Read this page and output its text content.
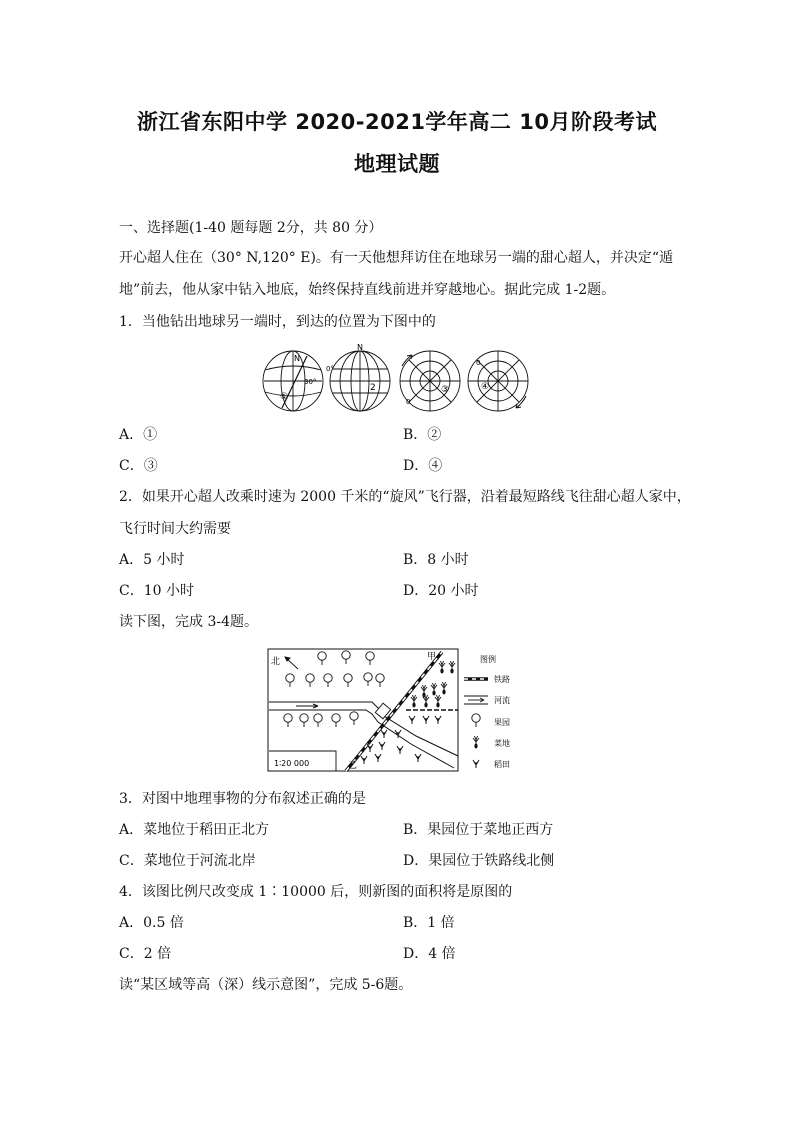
浙江省东阳中学 2020-2021学年高二 10月阶段考试
地理试题
一、选择题(1-40 题每题 2分，共 80 分）
开心超人住在（30° N,120° E)。有一天他想拜访住在地球另一端的甜心超人，并决定“遁
地”前去，他从家中钻入地底，始终保持直线前进并穿越地心。据此完成 1-2题。
1．当他钻出地球另一端时，到达的位置为下图中的
N
30°
①
N
0°
2
0
③
0
④
A．①	B．②
C．③	D．④
2．如果开心超人改乘时速为 2000 千米的“旋风”飞行器，沿着最短路线飞往甜心超人家中，
飞行时间大约需要
A．5 小时	B．8 小时
C．10 小时	D．20 小时
读下图，完成 3-4题。
北
1∶20 000
甲
乙
图例
铁路
河流
果园
菜地
稻田
3．对图中地理事物的分布叙述正确的是
A．菜地位于稻田正北方	B．果园位于菜地正西方
C．菜地位于河流北岸	D．果园位于铁路线北侧
4．该图比例尺改变成 1∶10000 后，则新图的面积将是原图的
A．0.5 倍	B．1 倍
C．2 倍	D．4 倍
读“某区域等高（深）线示意图”，完成 5-6题。
